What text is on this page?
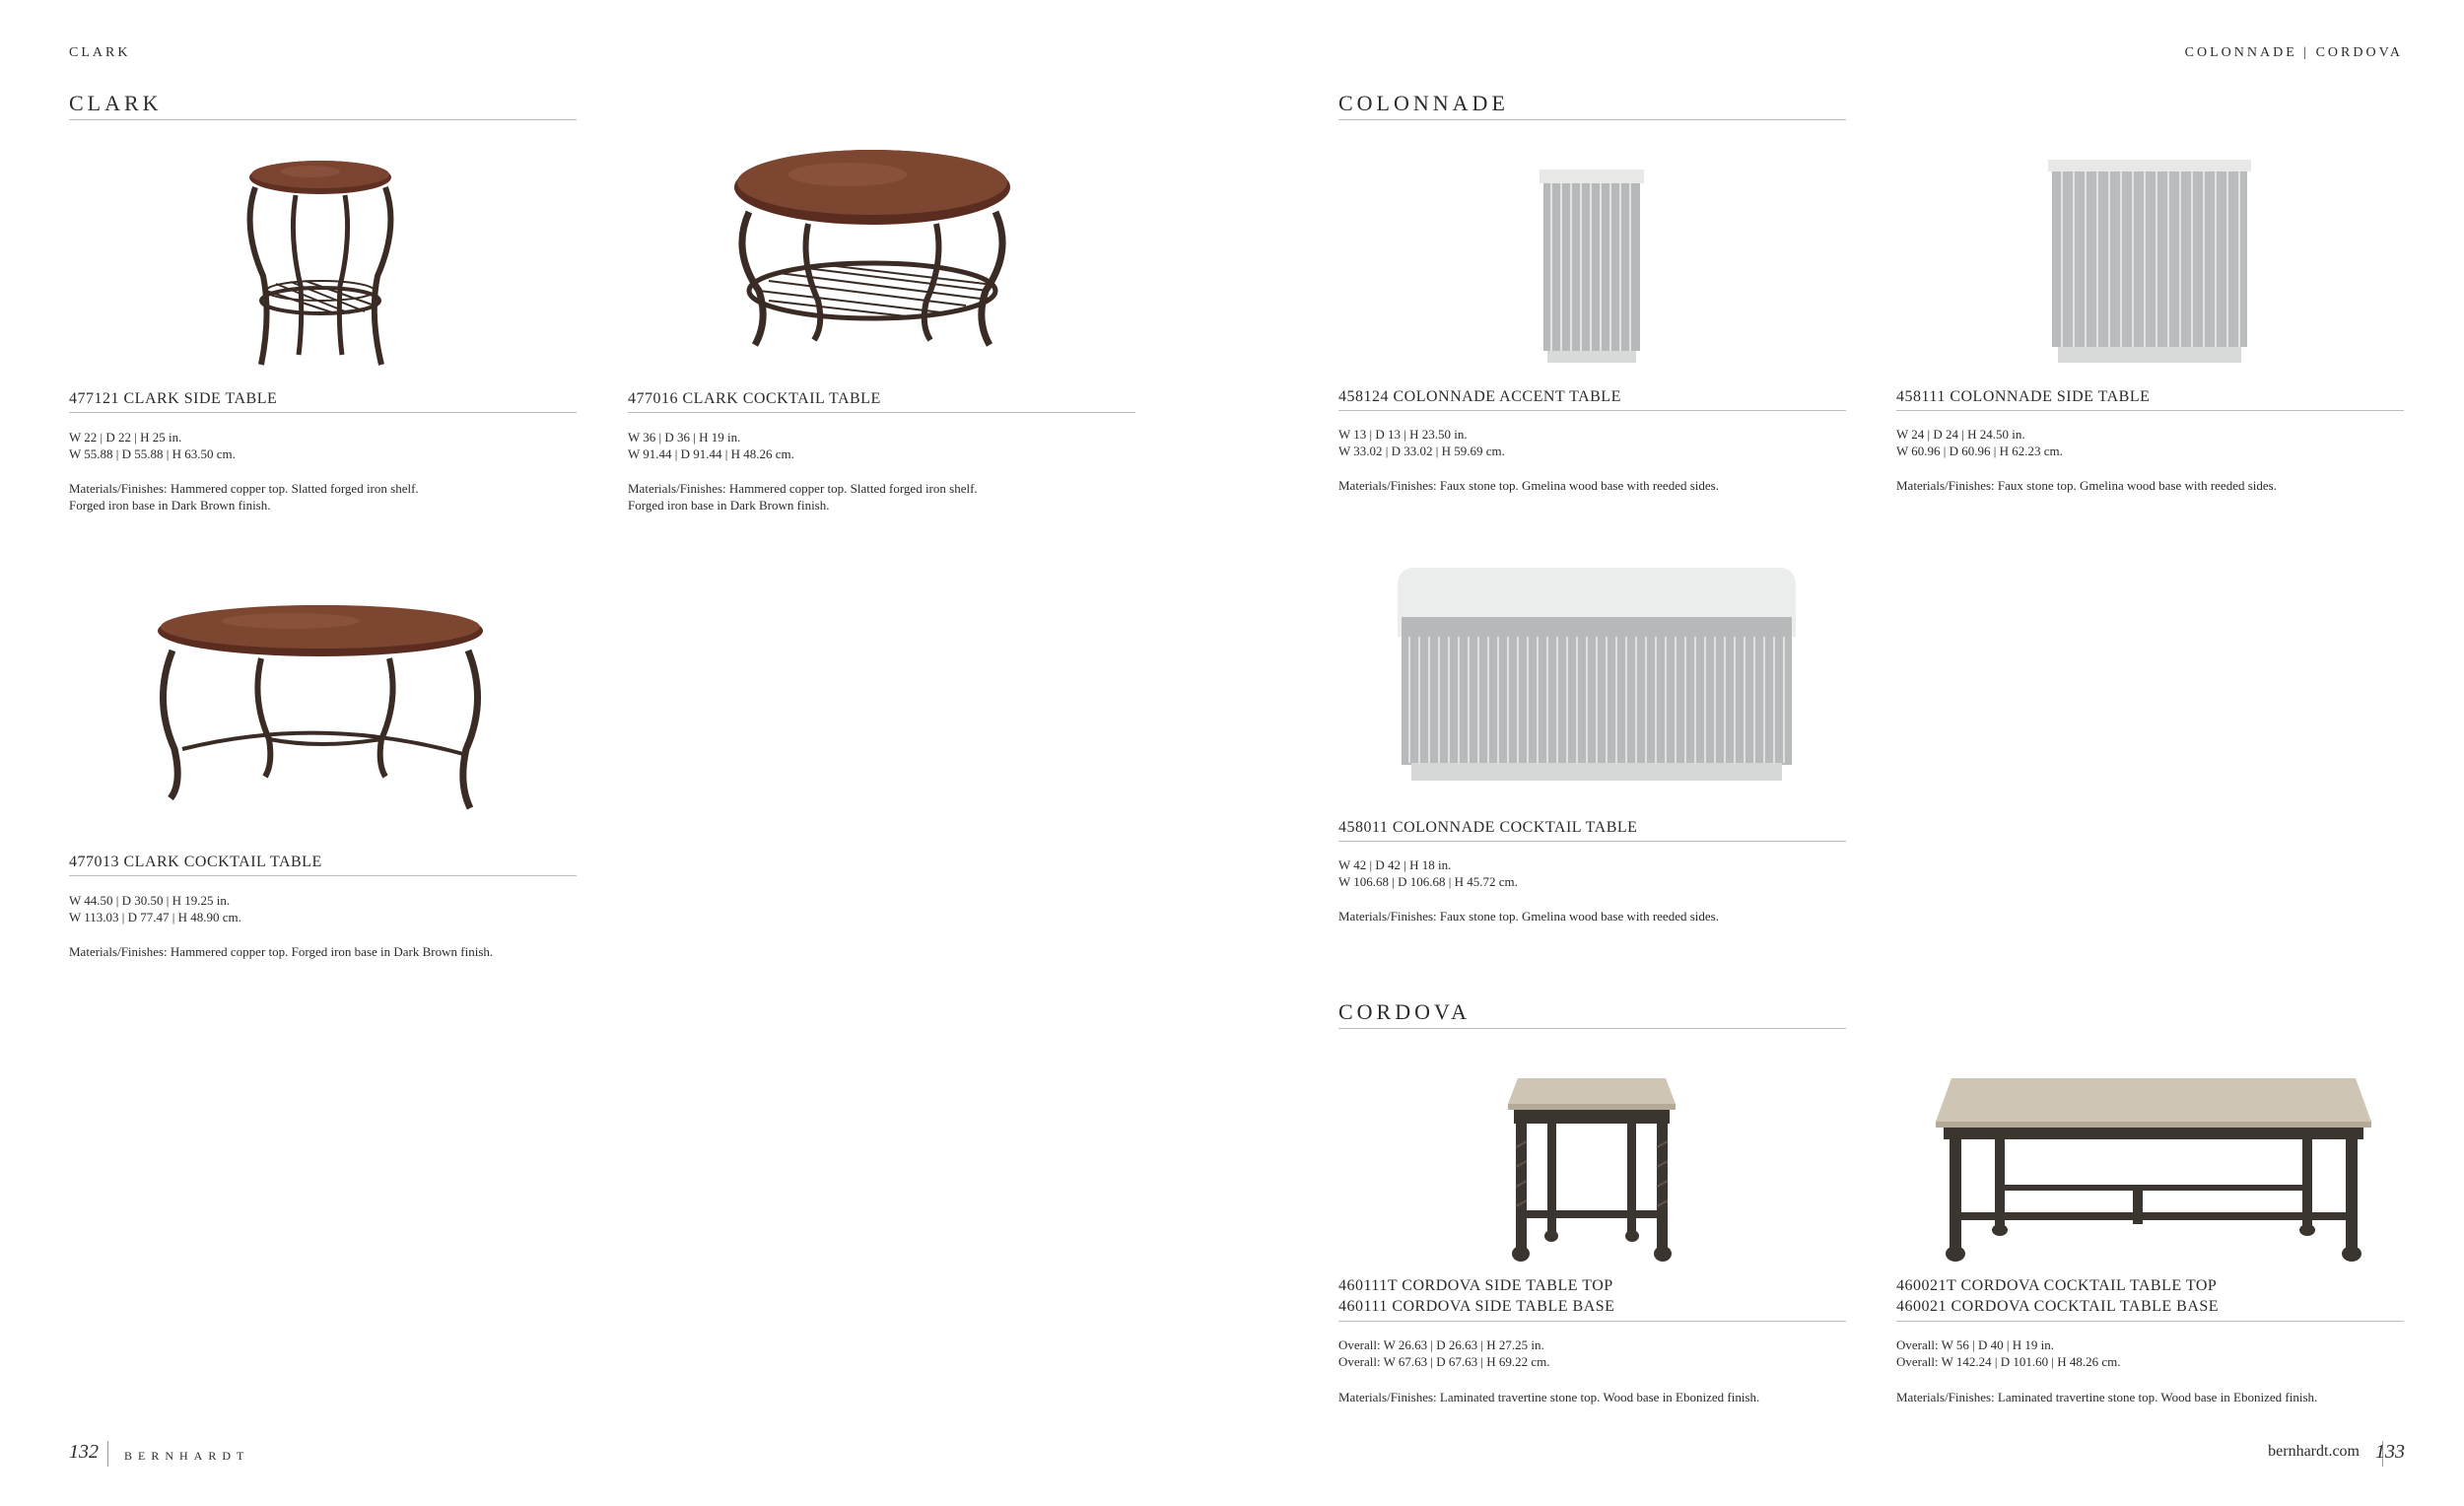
CLARK
CLARK
477121 CLARK SIDE TABLE
W 22 | D 22 | H 25 in.
W 55.88 | D 55.88 | H 63.50 cm.
Materials/Finishes: Hammered copper top. Slatted forged iron shelf.
Forged iron base in Dark Brown finish.
477016 CLARK COCKTAIL TABLE
W 36 | D 36 | H 19 in.
W 91.44 | D 91.44 | H 48.26 cm.
Materials/Finishes: Hammered copper top. Slatted forged iron shelf.
Forged iron base in Dark Brown finish.
477013 CLARK COCKTAIL TABLE
W 44.50 | D 30.50 | H 19.25 in.
W 113.03 | D 77.47 | H 48.90 cm.
Materials/Finishes: Hammered copper top. Forged iron base in Dark Brown finish.
132 BERNHARDT
COLONNADE | CORDOVA
COLONNADE
458124 COLONNADE ACCENT TABLE
W 13 | D 13 | H 23.50 in.
W 33.02 | D 33.02 | H 59.69 cm.
Materials/Finishes: Faux stone top. Gmelina wood base with reeded sides.
458111 COLONNADE SIDE TABLE
W 24 | D 24 | H 24.50 in.
W 60.96 | D 60.96 | H 62.23 cm.
Materials/Finishes: Faux stone top. Gmelina wood base with reeded sides.
458011 COLONNADE COCKTAIL TABLE
W 42 | D 42 | H 18 in.
W 106.68 | D 106.68 | H 45.72 cm.
Materials/Finishes: Faux stone top. Gmelina wood base with reeded sides.
CORDOVA
460111T CORDOVA SIDE TABLE TOP
460111 CORDOVA SIDE TABLE BASE
Overall: W 26.63 | D 26.63 | H 27.25 in.
Overall: W 67.63 | D 67.63 | H 69.22 cm.
Materials/Finishes: Laminated travertine stone top. Wood base in Ebonized finish.
460021T CORDOVA COCKTAIL TABLE TOP
460021 CORDOVA COCKTAIL TABLE BASE
Overall: W 56 | D 40 | H 19 in.
Overall: W 142.24 | D 101.60 | H 48.26 cm.
Materials/Finishes: Laminated travertine stone top. Wood base in Ebonized finish.
bernhardt.com 133
